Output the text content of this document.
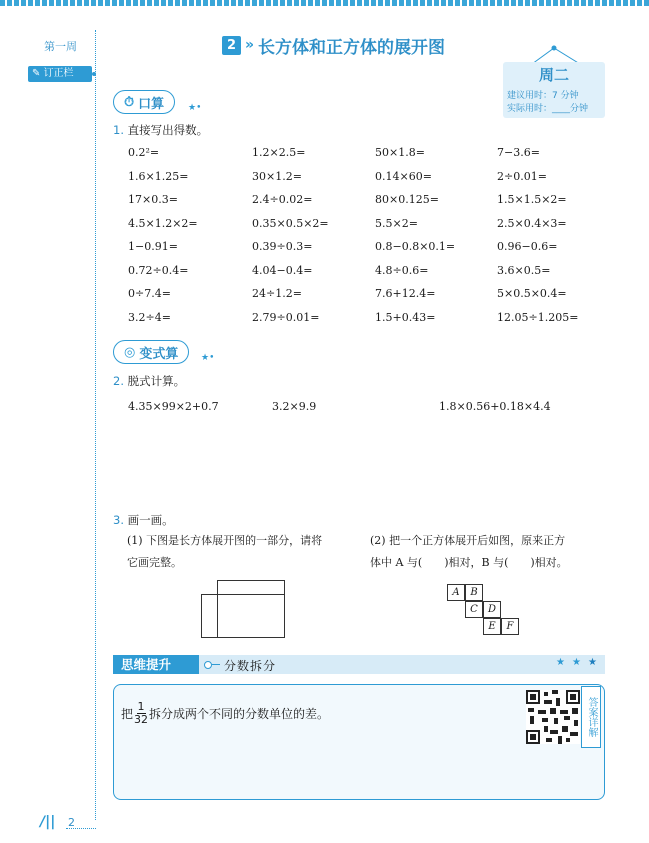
第一周
✎ 订正栏
2 » 长方体和正方体的展开图
周二
建议用时：7 分钟
实际用时：____分钟
⏱ 口算	★•
1. 直接写出得数。
0.2²=	1.2×2.5=	50×1.8=	7−3.6=
1.6×1.25=	30×1.2=	0.14×60=	2÷0.01=
17×0.3=	2.4÷0.02=	80×0.125=	1.5×1.5×2=
4.5×1.2×2=	0.35×0.5×2=	5.5×2=	2.5×0.4×3=
1−0.91=	0.39÷0.3=	0.8−0.8×0.1=	0.96−0.6=
0.72÷0.4=	4.04−0.4=	4.8÷0.6=	3.6×0.5=
0÷7.4=	24÷1.2=	7.6+12.4=	5×0.5×0.4=
3.2÷4=	2.79÷0.01=	1.5+0.43=	12.05÷1.205=
◎ 变式算	★•
2. 脱式计算。
4.35×99×2+0.7	3.2×9.9	1.8×0.56+0.18×4.4
3. 画一画。
(1) 下图是长方体展开图的一部分，请将
它画完整。
(2) 把一个正方体展开后如图，原来正方
体中 A 与(　　)相对，B 与(　　)相对。
A	B
C	D
E	F
思维提升	分数拆分	★ ★ ★
把 $\frac{1}{32}$ 拆分成两个不同的分数单位的差。	答案详解
/|| 2
